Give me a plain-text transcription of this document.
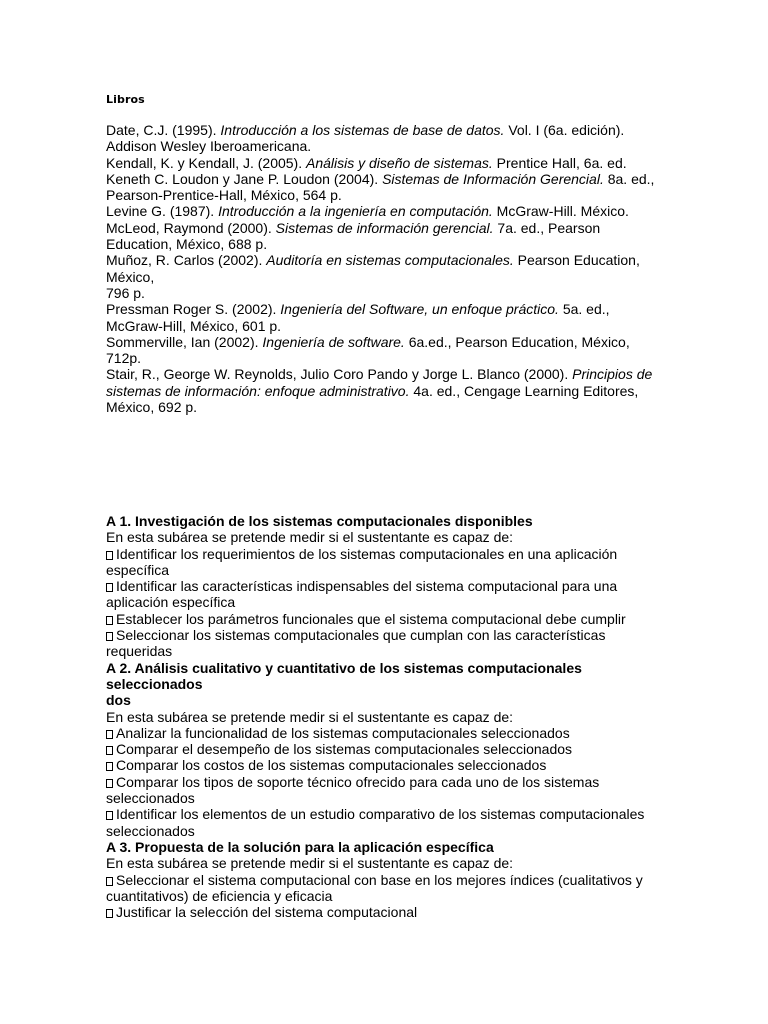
Libros

Date, C.J. (1995). Introducción a los sistemas de base de datos. Vol. I (6a. edición). Addison Wesley Iberoamericana.

Kendall, K. y Kendall, J. (2005). Análisis y diseño de sistemas. Prentice Hall, 6a. ed.

Keneth C. Loudon y Jane P. Loudon (2004). Sistemas de Información Gerencial. 8a. ed., Pearson-Prentice-Hall, México, 564 p.

Levine G. (1987). Introducción a la ingeniería en computación. McGraw-Hill. México.

McLeod, Raymond (2000). Sistemas de información gerencial. 7a. ed., Pearson Education, México, 688 p.

Muñoz, R. Carlos (2002). Auditoría en sistemas computacionales. Pearson Education, México,
796 p.

Pressman Roger S. (2002). Ingeniería del Software, un enfoque práctico. 5a. ed., McGraw-Hill, México, 601 p.

Sommerville, Ian (2002). Ingeniería de software. 6a.ed., Pearson Education, México, 712p.

Stair, R., George W. Reynolds, Julio Coro Pando y Jorge L. Blanco (2000). Principios de sistemas de información: enfoque administrativo. 4a. ed., Cengage Learning Editores, México, 692 p.

A 1. Investigación de los sistemas computacionales disponibles
En esta subárea se pretende medir si el sustentante es capaz de:
Identificar los requerimientos de los sistemas computacionales en una aplicación específica
Identificar las características indispensables del sistema computacional para una aplicación específica
Establecer los parámetros funcionales que el sistema computacional debe cumplir
Seleccionar los sistemas computacionales que cumplan con las características requeridas
A 2. Análisis cualitativo y cuantitativo de los sistemas computacionales seleccionados
dos
En esta subárea se pretende medir si el sustentante es capaz de:
Analizar la funcionalidad de los sistemas computacionales seleccionados
Comparar el desempeño de los sistemas computacionales seleccionados
Comparar los costos de los sistemas computacionales seleccionados
Comparar los tipos de soporte técnico ofrecido para cada uno de los sistemas seleccionados
Identificar los elementos de un estudio comparativo de los sistemas computacionales seleccionados
A 3. Propuesta de la solución para la aplicación específica
En esta subárea se pretende medir si el sustentante es capaz de:
Seleccionar el sistema computacional con base en los mejores índices (cualitativos y cuantitativos) de eficiencia y eficacia
Justificar la selección del sistema computacional
